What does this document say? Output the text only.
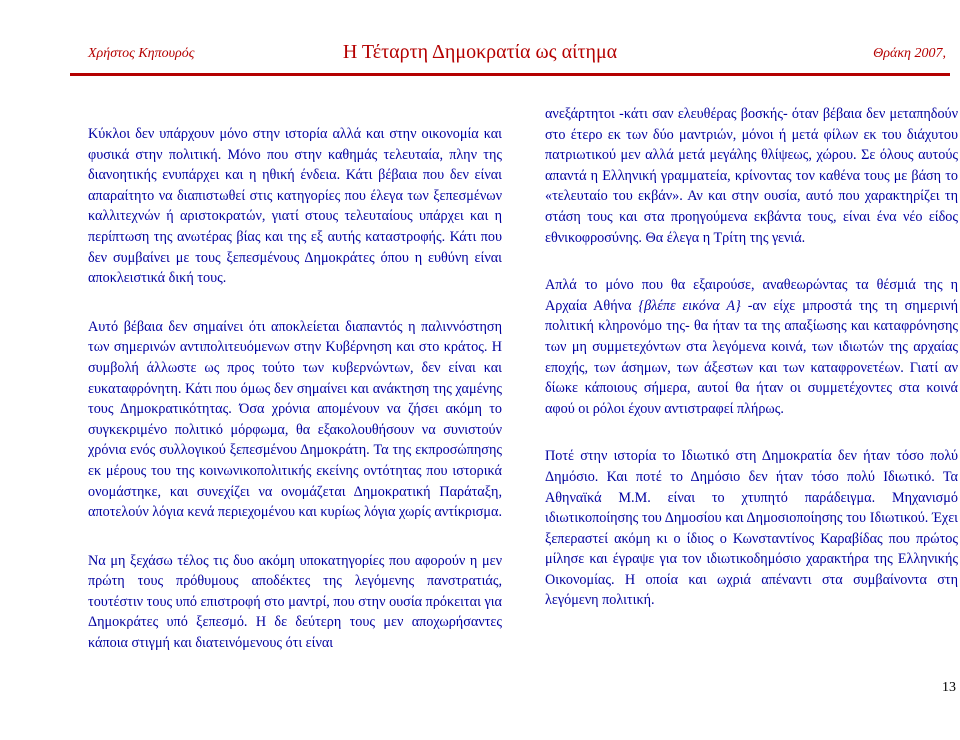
Χρήστος Κηπουρός	Η Τέταρτη Δημοκρατία ως αίτημα	Θράκη 2007,

Κύκλοι δεν υπάρχουν μόνο στην ιστορία αλλά και στην οικονομία και φυσικά στην πολιτική. Μόνο που στην καθημάς τελευταία, πλην της διανοητικής ενυπάρχει και η ηθική ένδεια. Κάτι βέβαια που δεν είναι απαραίτητο να διαπιστωθεί στις κατηγορίες που έλεγα των ξεπεσμένων καλλιτεχνών ή αριστοκρατών, γιατί στους τελευταίους υπάρχει και η περίπτωση της ανωτέρας βίας και της εξ αυτής καταστροφής. Κάτι που δεν συμβαίνει με τους ξεπεσμένους Δημοκράτες όπου η ευθύνη είναι αποκλειστικά δική τους.

Αυτό βέβαια δεν σημαίνει ότι αποκλείεται διαπαντός η παλιννόστηση των σημερινών αντιπολιτευόμενων στην Κυβέρνηση και στο κράτος. Η συμβολή άλλωστε ως προς τούτο των κυβερνώντων, δεν είναι και ευκαταφρόνητη. Κάτι που όμως δεν σημαίνει και ανάκτηση της χαμένης τους Δημοκρατικότητας. Όσα χρόνια απομένουν να ζήσει ακόμη το συγκεκριμένο πολιτικό μόρφωμα, θα εξακολουθήσουν να συνιστούν χρόνια ενός συλλογικού ξεπεσμένου Δημοκράτη. Τα της εκπροσώπησης εκ μέρους του της κοινωνικοπολιτικής εκείνης οντότητας που ιστορικά ονομάστηκε, και συνεχίζει να ονομάζεται Δημοκρατική Παράταξη, αποτελούν λόγια κενά περιεχομένου και κυρίως λόγια χωρίς αντίκρισμα.

Να μη ξεχάσω τέλος τις δυο ακόμη υποκατηγορίες που αφορούν η μεν πρώτη τους πρόθυμους αποδέκτες της λεγόμενης πανστρατιάς, τουτέστιν τους υπό επιστροφή στο μαντρί, που στην ουσία πρόκειται για Δημοκράτες υπό ξεπεσμό. Η δε δεύτερη τους μεν αποχωρήσαντες κάποια στιγμή και διατεινόμενους ότι είναι

ανεξάρτητοι -κάτι σαν ελευθέρας βοσκής- όταν βέβαια δεν μεταπηδούν στο έτερο εκ των δύο μαντριών, μόνοι ή μετά φίλων εκ του διάχυτου πατριωτικού μεν αλλά μετά μεγάλης θλίψεως, χώρου. Σε όλους αυτούς απαντά η Ελληνική γραμματεία, κρίνοντας τον καθένα τους με βάση το «τελευταίο του εκβάν». Αν και στην ουσία, αυτό που χαρακτηρίζει τη στάση τους και στα προηγούμενα εκβάντα τους, είναι ένα νέο είδος εθνικοφροσύνης. Θα έλεγα η Τρίτη της γενιά.

Απλά το μόνο που θα εξαιρούσε, αναθεωρώντας τα θέσμιά της η Αρχαία Αθήνα {βλέπε εικόνα Α} -αν είχε μπροστά της τη σημερινή πολιτική κληρονόμο της- θα ήταν τα της απαξίωσης και καταφρόνησης των μη συμμετεχόντων στα λεγόμενα κοινά, των ιδιωτών της αρχαίας εποχής, των άσημων, των άξεστων και των καταφρονετέων. Γιατί αν δίωκε κάποιους σήμερα, αυτοί θα ήταν οι συμμετέχοντες στα κοινά αφού οι ρόλοι έχουν αντιστραφεί πλήρως.

Ποτέ στην ιστορία το Ιδιωτικό στη Δημοκρατία δεν ήταν τόσο πολύ Δημόσιο. Και ποτέ το Δημόσιο δεν ήταν τόσο πολύ Ιδιωτικό. Τα Αθηναϊκά Μ.Μ. είναι το χτυπητό παράδειγμα. Μηχανισμό ιδιωτικοποίησης του Δημοσίου και Δημοσιοποίησης του Ιδιωτικού. Έχει ξεπεραστεί ακόμη κι ο ίδιος ο Κωνσταντίνος Καραβίδας που πρώτος μίλησε και έγραψε για τον ιδιωτικοδημόσιο χαρακτήρα της Ελληνικής Οικονομίας. Η οποία και ωχριά απέναντι στα συμβαίνοντα στη λεγόμενη πολιτική.

13
